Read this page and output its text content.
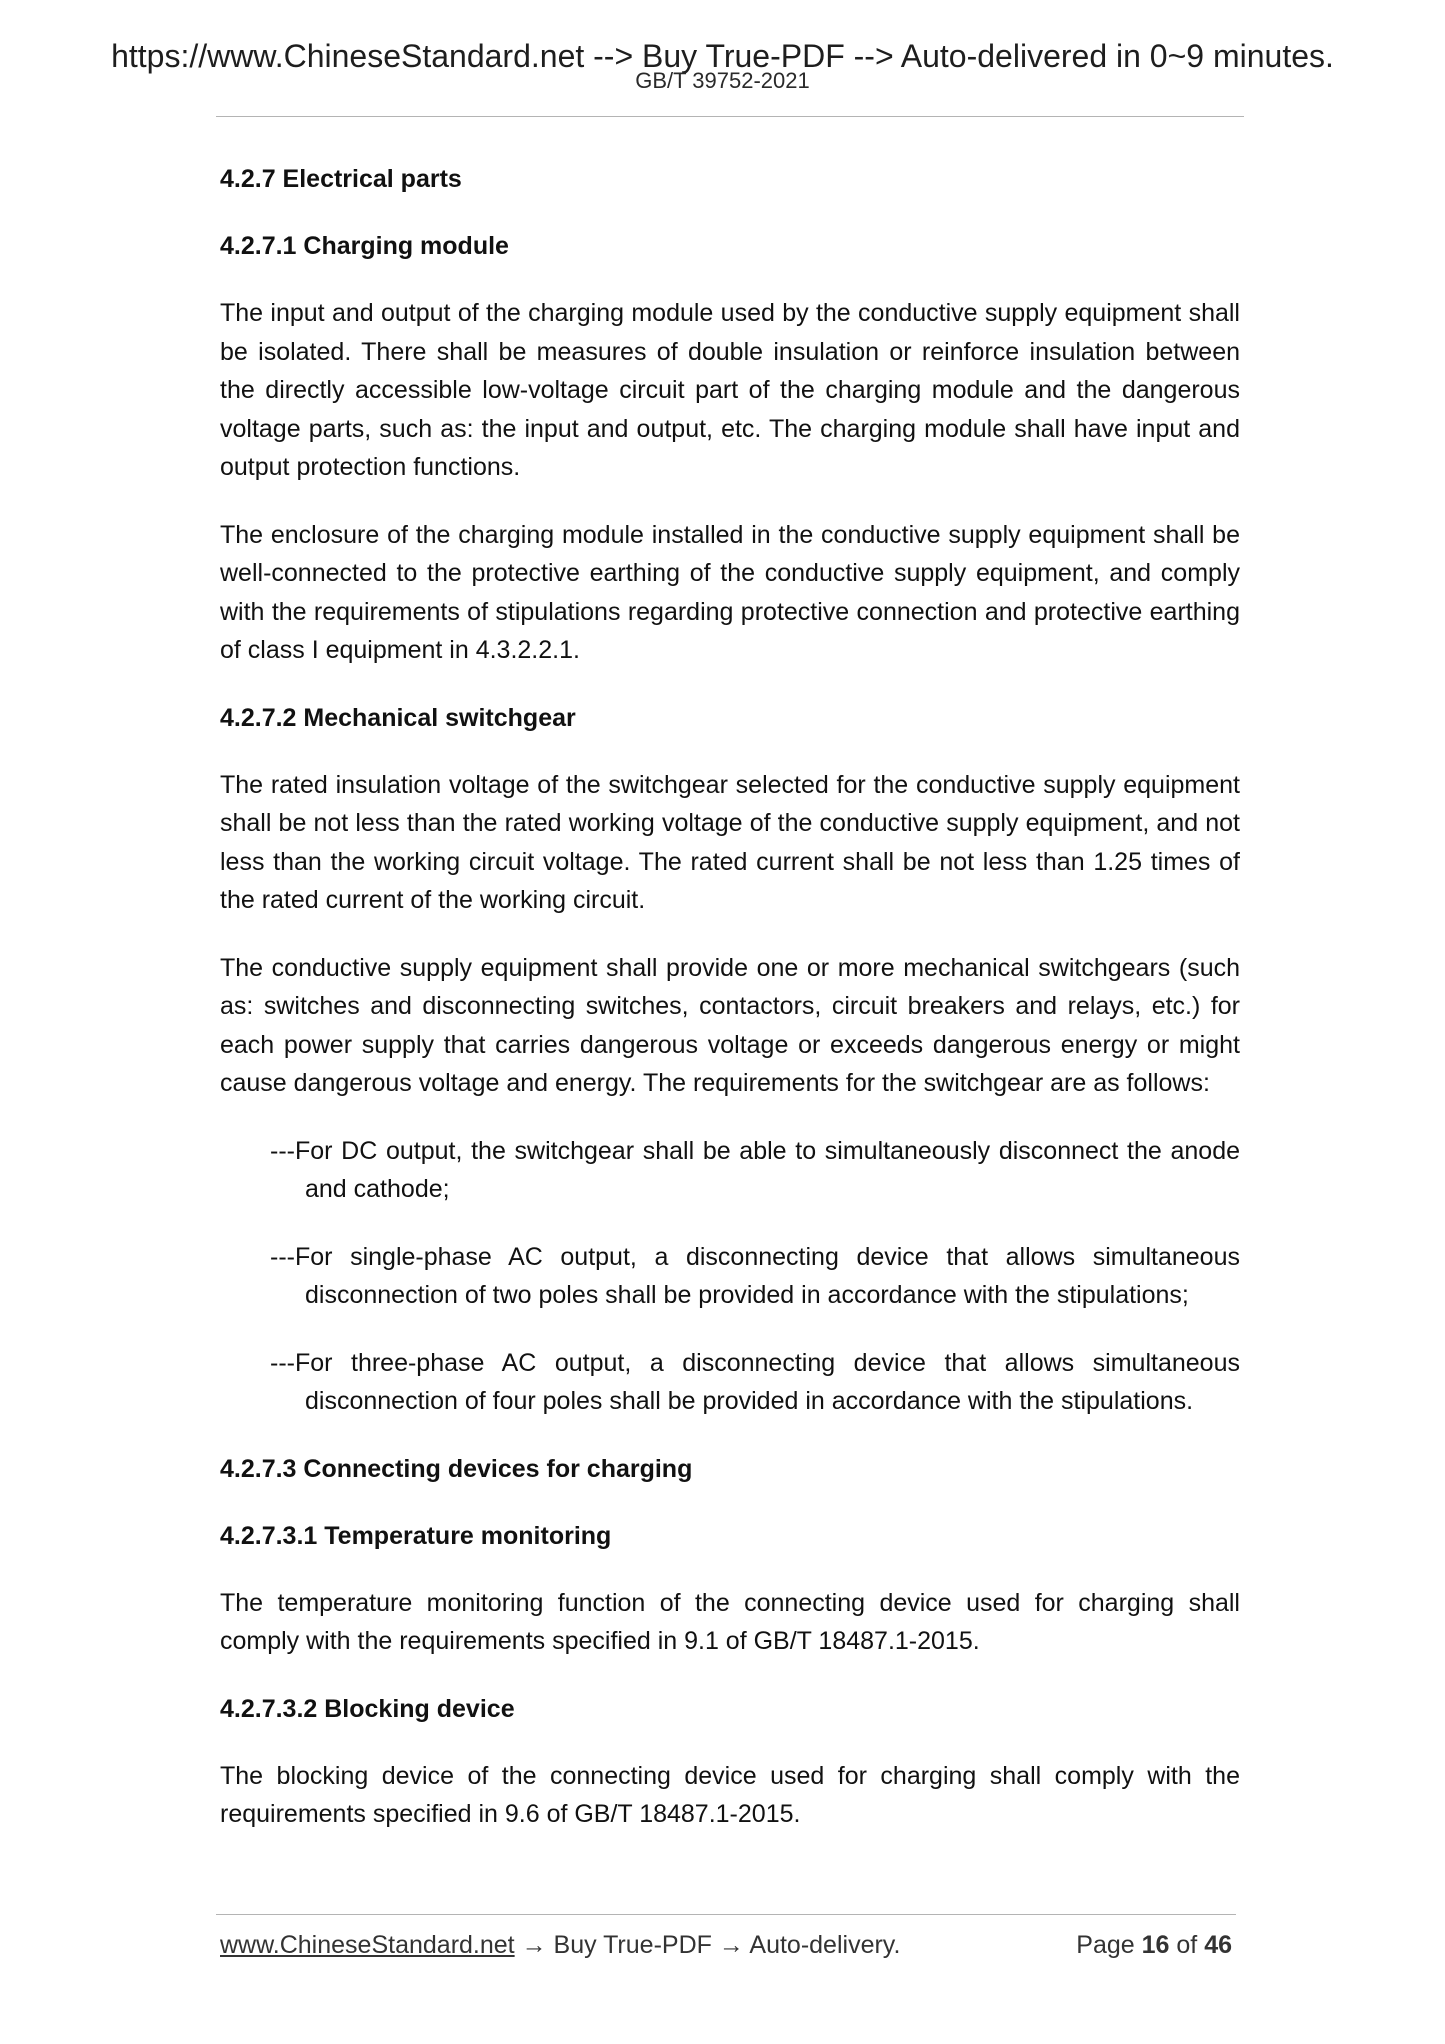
https://www.ChineseStandard.net --> Buy True-PDF --> Auto-delivered in 0~9 minutes.
GB/T 39752-2021
4.2.7 Electrical parts
4.2.7.1 Charging module

The input and output of the charging module used by the conductive supply equipment shall be isolated. There shall be measures of double insulation or reinforce insulation between the directly accessible low-voltage circuit part of the charging module and the dangerous voltage parts, such as: the input and output, etc. The charging module shall have input and output protection functions.

The enclosure of the charging module installed in the conductive supply equipment shall be well-connected to the protective earthing of the conductive supply equipment, and comply with the requirements of stipulations regarding protective connection and protective earthing of class I equipment in 4.3.2.2.1.

4.2.7.2 Mechanical switchgear

The rated insulation voltage of the switchgear selected for the conductive supply equipment shall be not less than the rated working voltage of the conductive supply equipment, and not less than the working circuit voltage. The rated current shall be not less than 1.25 times of the rated current of the working circuit.

The conductive supply equipment shall provide one or more mechanical switchgears (such as: switches and disconnecting switches, contactors, circuit breakers and relays, etc.) for each power supply that carries dangerous voltage or exceeds dangerous energy or might cause dangerous voltage and energy. The requirements for the switchgear are as follows:

---For DC output, the switchgear shall be able to simultaneously disconnect the anode and cathode;

---For single-phase AC output, a disconnecting device that allows simultaneous disconnection of two poles shall be provided in accordance with the stipulations;

---For three-phase AC output, a disconnecting device that allows simultaneous disconnection of four poles shall be provided in accordance with the stipulations.

4.2.7.3 Connecting devices for charging
4.2.7.3.1 Temperature monitoring

The temperature monitoring function of the connecting device used for charging shall comply with the requirements specified in 9.1 of GB/T 18487.1-2015.

4.2.7.3.2 Blocking device

The blocking device of the connecting device used for charging shall comply with the requirements specified in 9.6 of GB/T 18487.1-2015.

www.ChineseStandard.net → Buy True-PDF → Auto-delivery.	Page 16 of 46
